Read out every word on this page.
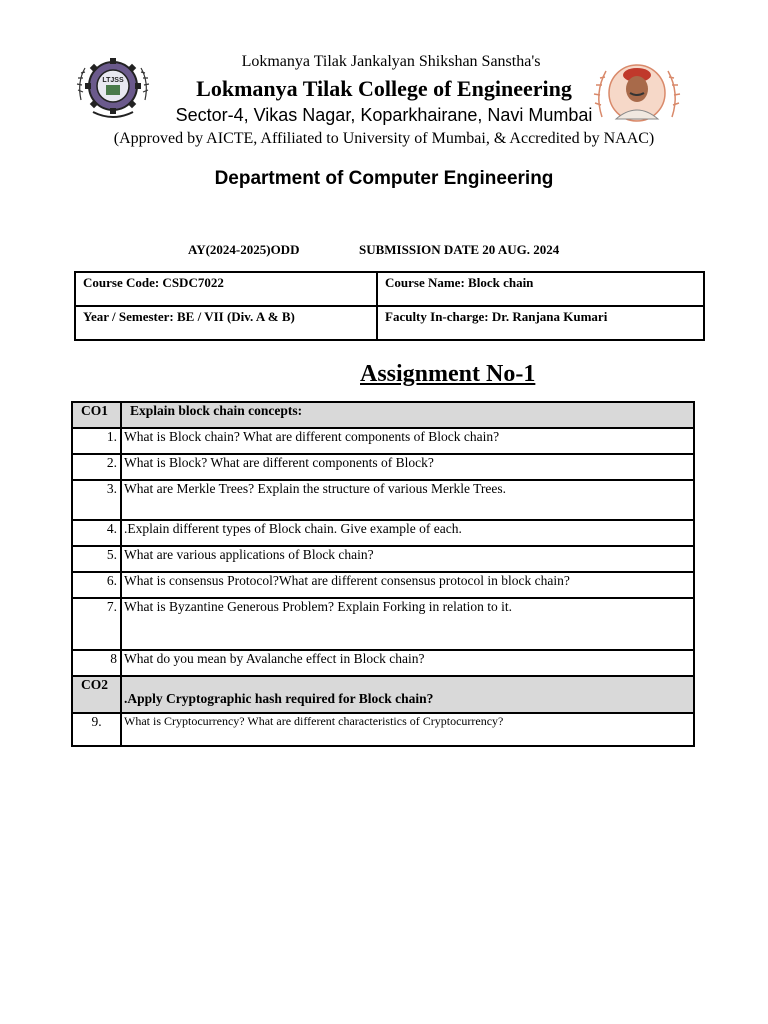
LTJSS
Lokmanya Tilak Jankalyan Shikshan Sanstha's
Lokmanya Tilak College of Engineering
Sector-4, Vikas Nagar, Koparkhairane, Navi Mumbai
(Approved by AICTE, Affiliated to University of Mumbai, & Accredited by NAAC)
Department of Computer Engineering
AY(2024-2025)ODD	SUBMISSION DATE 20 AUG. 2024
Course Code: CSDC7022	Course Name: Block chain
Year / Semester: BE / VII (Div. A & B)	Faculty In-charge: Dr. Ranjana Kumari
Assignment No-1
CO1	Explain block chain concepts:
1.	What is Block chain? What are different components of Block chain?
2.	What is Block? What are different components of Block?
3.	What are Merkle Trees? Explain the structure of various Merkle Trees.
4.	.Explain different types of Block chain. Give example of each.
5.	What are various applications of Block chain?
6.	What is consensus Protocol?What are different consensus protocol in block chain?
7.	What is Byzantine Generous Problem? Explain Forking in relation to it.
8	What do you mean by Avalanche effect in Block chain?
CO2	.Apply Cryptographic hash required for Block chain?

9.	What is Cryptocurrency? What are different characteristics of Cryptocurrency?
